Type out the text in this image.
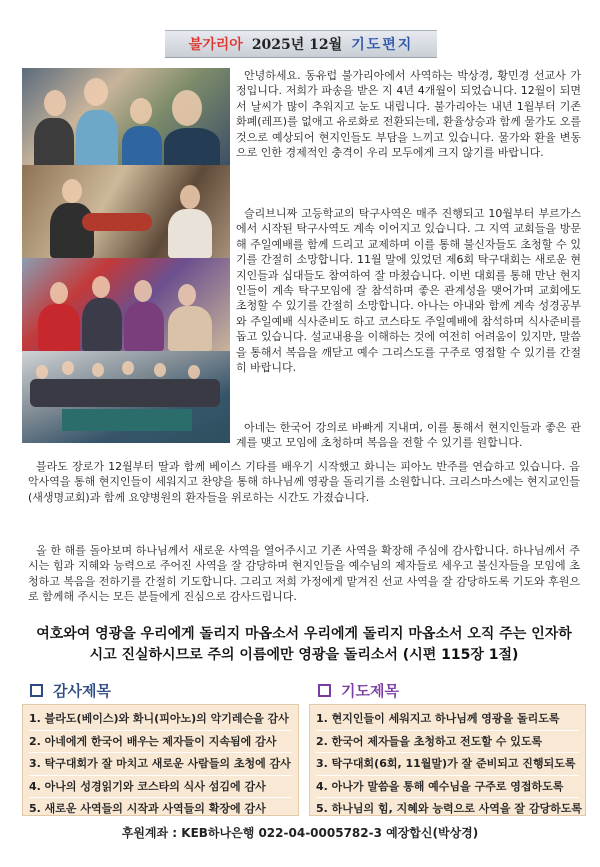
불가리아 2025년 12월 기도편지

안녕하세요. 동유럽 불가리아에서 사역하는 박상경, 황민경 선교사 가정입니다. 저희가 파송을 받은 지 4년 4개월이 되었습니다. 12월이 되면서 날씨가 많이 추워지고 눈도 내립니다. 불가리아는 내년 1월부터 기존 화폐(레프)를 없애고 유로화로 전환되는데, 환율상승과 함께 물가도 오를 것으로 예상되어 현지인들도 부담을 느끼고 있습니다. 물가와 환율 변동으로 인한 경제적인 충격이 우리 모두에게 크지 않기를 바랍니다.

슬리브니짜 고등학교의 탁구사역은 매주 진행되고 10월부터 부르가스에서 시작된 탁구사역도 계속 이어지고 있습니다. 그 지역 교회들을 방문해 주일예배를 함께 드리고 교제하며 이를 통해 불신자들도 초청할 수 있기를 간절히 소망합니다. 11월 말에 있었던 제6회 탁구대회는 새로운 현지인들과 십대들도 참여하여 잘 마쳤습니다. 이번 대회를 통해 만난 현지인들이 계속 탁구모임에 잘 참석하며 좋은 관계성을 맺어가며 교회에도 초청할 수 있기를 간절히 소망합니다. 아나는 아내와 함께 계속 성경공부와 주일예배 식사준비도 하고 코스타도 주일예배에 참석하며 식사준비를 돕고 있습니다. 설교내용을 이해하는 것에 여전히 어려움이 있지만, 말씀을 통해서 복음을 깨닫고 예수 그리스도를 구주로 영접할 수 있기를 간절히 바랍니다.

아네는 한국어 강의로 바빠게 지내며, 이를 통해서 현지인들과 좋은 관계를 맺고 모임에 초청하며 복음을 전할 수 있기를 원합니다.

블라도 장로가 12월부터 딸과 함께 베이스 기타를 배우기 시작했고 화니는 피아노 반주를 연습하고 있습니다. 음악사역을 통해 현지인들이 세워지고 찬양을 통해 하나님께 영광을 돌리기를 소원합니다. 크리스마스에는 현지교인들(새생명교회)과 함께 요양병원의 환자들을 위로하는 시간도 가졌습니다.

올 한 해를 돌아보며 하나님께서 새로운 사역을 열어주시고 기존 사역을 확장해 주심에 감사합니다. 하나님께서 주시는 힘과 지혜와 능력으로 주어진 사역을 잘 감당하며 현지인들을 예수님의 제자들로 세우고 불신자들을 모임에 초청하고 복음을 전하기를 간절히 기도합니다. 그리고 저희 가정에게 맡겨진 선교 사역을 잘 감당하도록 기도와 후원으로 함께해 주시는 모든 분들에게 진심으로 감사드립니다.

여호와여 영광을 우리에게 돌리지 마옵소서 우리에게 돌리지 마옵소서 오직 주는 인자하시고 진실하시므로 주의 이름에만 영광을 돌리소서 (시편 115장 1절)

감사제목	기도제목
1. 블라도(베이스)와 화니(피아노)의 악기레슨을 감사
2. 아네에게 한국어 배우는 제자들이 지속됨에 감사
3. 탁구대회가 잘 마치고 새로운 사람들의 초청에 감사
4. 아나의 성경읽기와 코스타의 식사 섬김에 감사
5. 새로운 사역들의 시작과 사역들의 확장에 감사
1. 현지인들이 세워지고 하나님께 영광을 돌리도록
2. 한국어 제자들을 초청하고 전도할 수 있도록
3. 탁구대회(6회, 11월말)가 잘 준비되고 진행되도록
4. 아나가 말씀을 통해 예수님을 구주로 영접하도록
5. 하나님의 힘, 지혜와 능력으로 사역을 잘 감당하도록
후원계좌 : KEB하나은행 022-04-0005782-3 예장합신(박상경)
